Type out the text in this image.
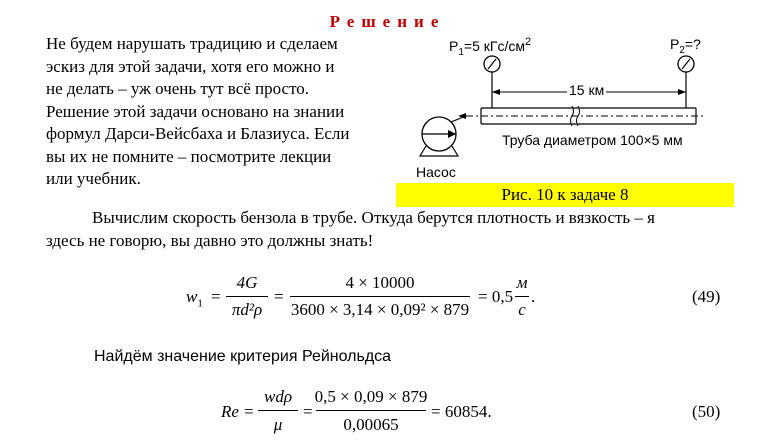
Решение

Не будем нарушать традицию и сделаем

эскиз для этой задачи, хотя его можно и

не делать – уж очень тут всё просто.

Решение этой задачи основано на знании

формул Дарси-Вейсбаха и Блазиуса. Если

вы их не помните – посмотрите лекции

или учебник.

$P_1=5$ кГс/$см^2$	$P_2=$?
15 км
Труба диаметром 100×5 мм
Насос
Рис. 10 к задаче 8
Вычислим скорость бензола в трубе. Откуда берутся плотность и вязкость – я
здесь не говорю, вы давно это должны знать!
$w_1$ =
4G
πd²ρ
=
4 × 10000
3600 × 3,14 × 0,09² × 879
= 0,5
м
с
.	(49)
Найдём значение критерия Рейнольдса
Re =
wdρ
μ
=
0,5 × 0,09 × 879
0,00065
= 60854.	(50)
